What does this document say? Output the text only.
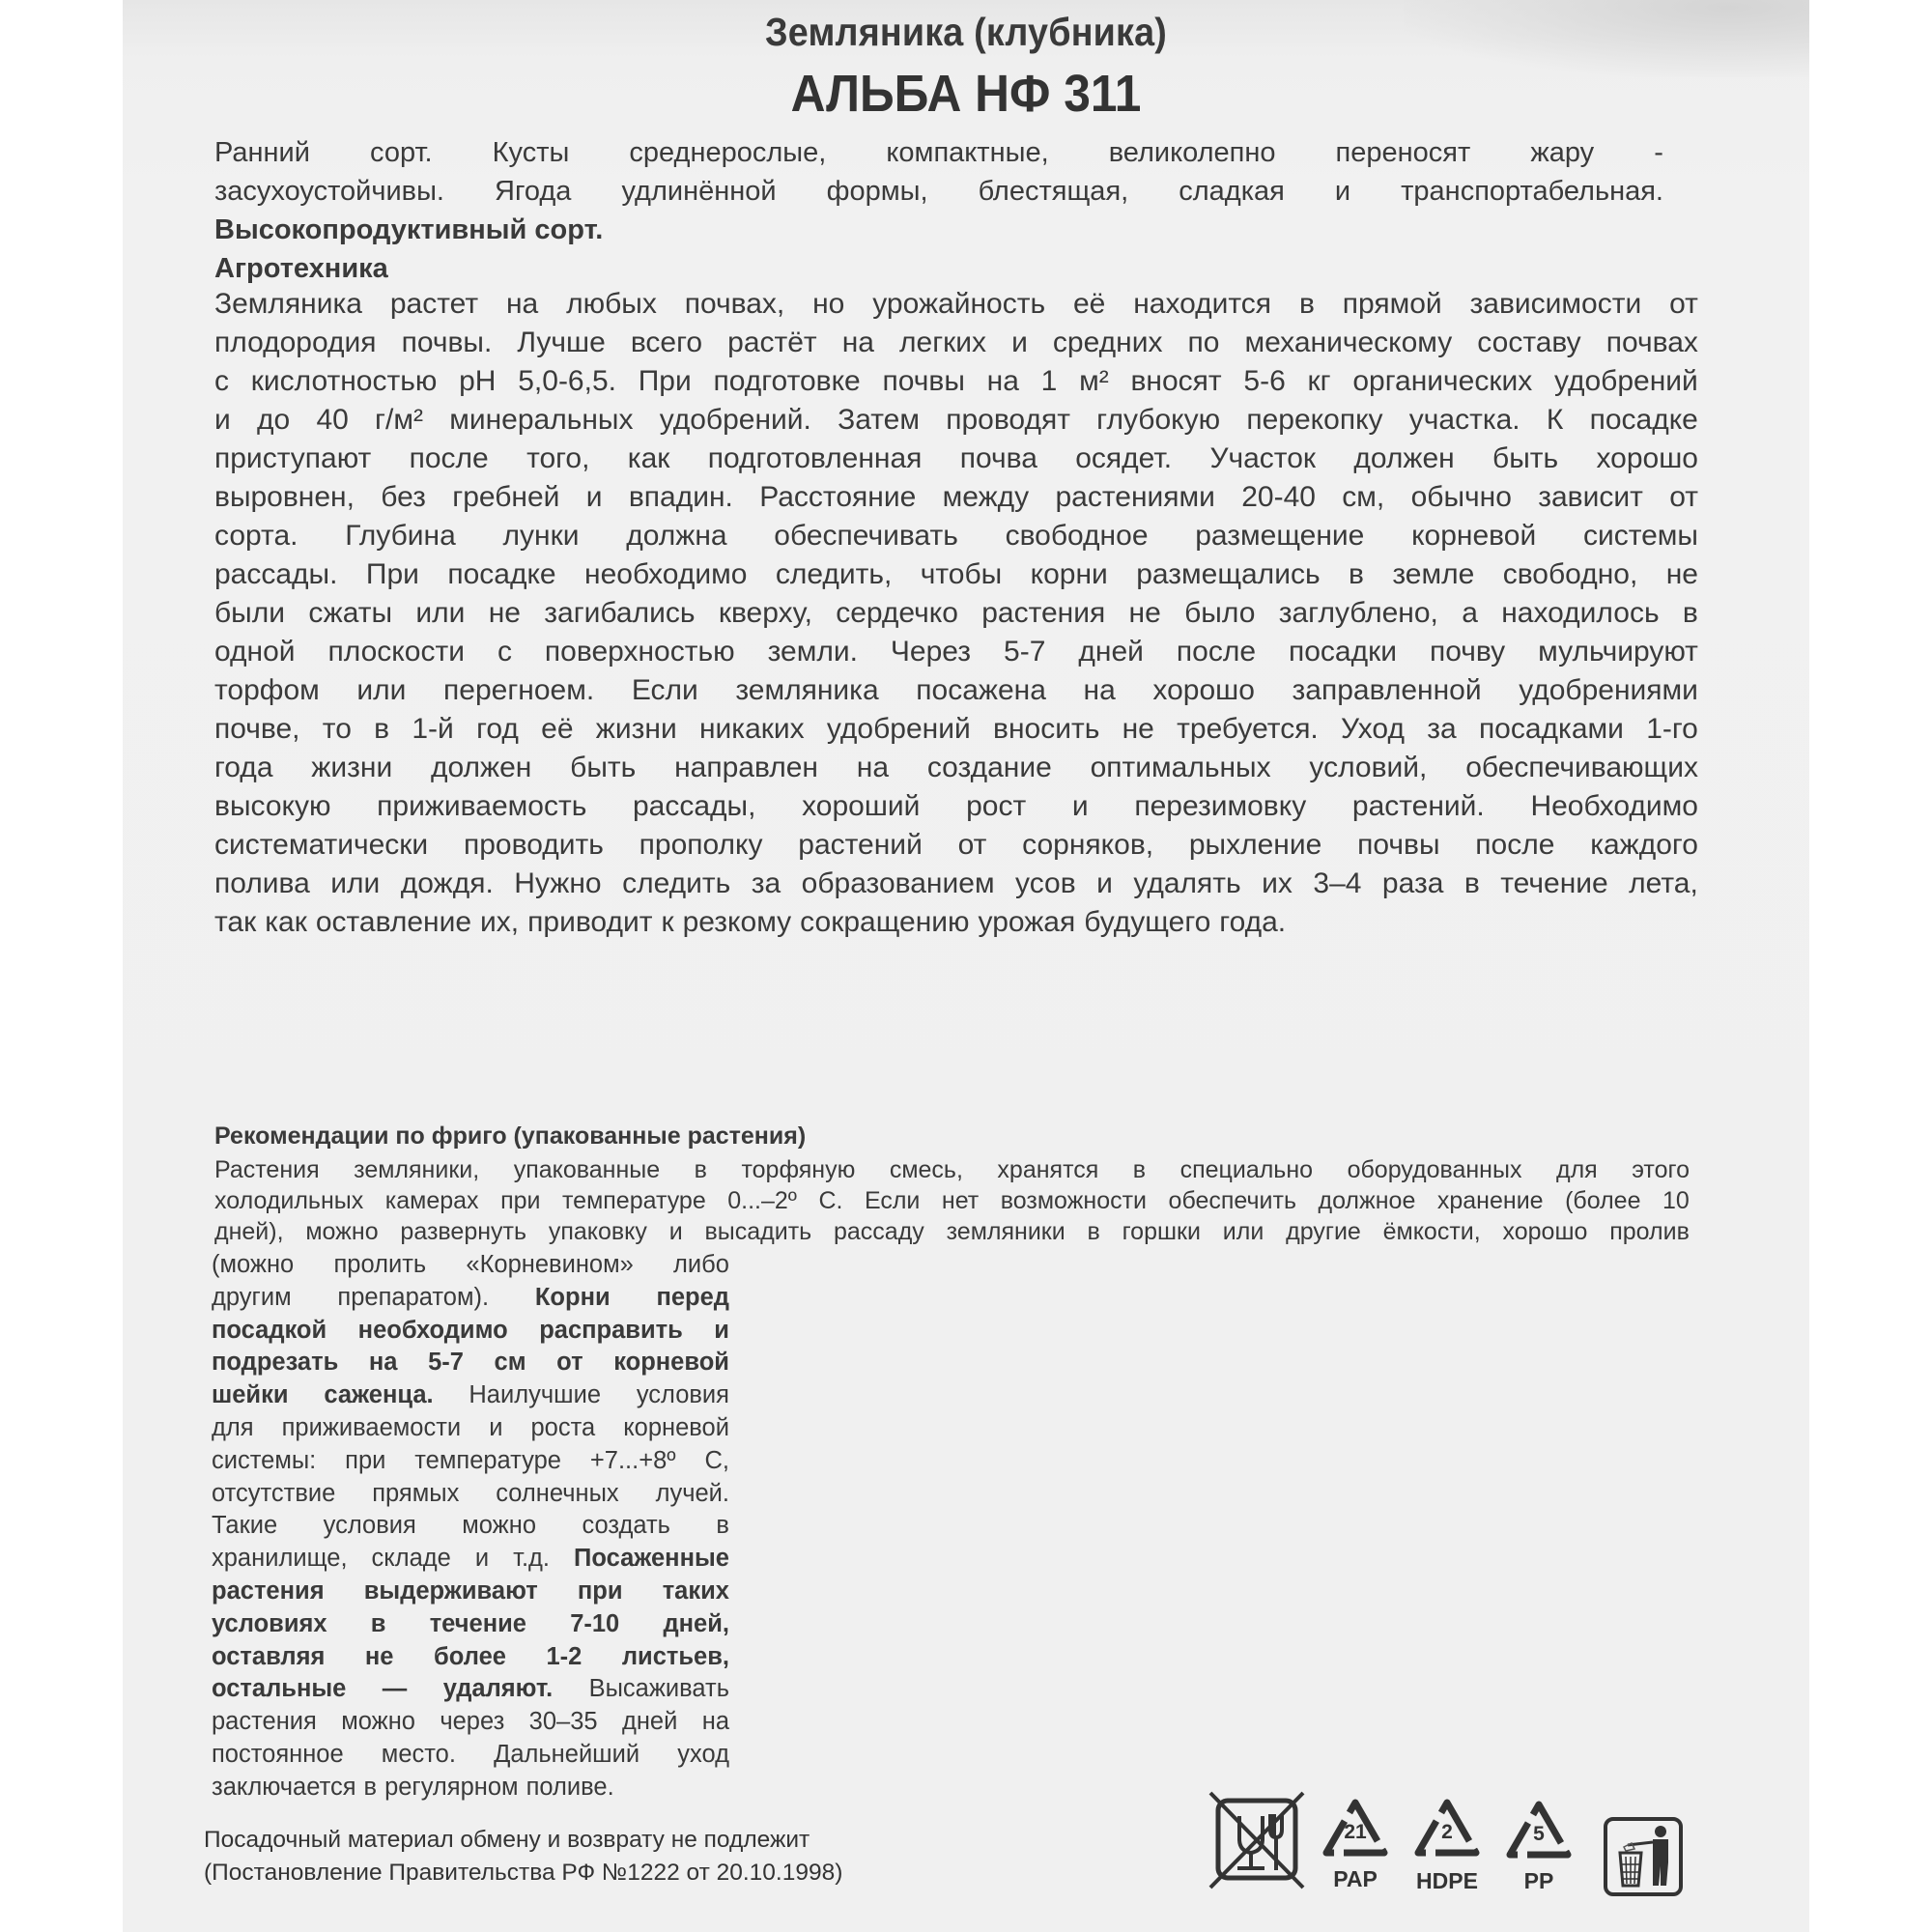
Земляника (клубника)
АЛЬБА НФ 311
Ранний сорт. Кусты среднерослые, компактные, великолепно переносят жару -
засухоустойчивы. Ягода удлинённой формы, блестящая, сладкая и транспортабельная.
Высокопродуктивный сорт.
Агротехника
Земляника растет на любых почвах, но урожайность её находится в прямой зависимости от
плодородия почвы. Лучше всего растёт на легких и средних по механическому составу почвах
с кислотностью pH 5,0-6,5. При подготовке почвы на 1 м² вносят 5-6 кг органических удобрений
и до 40 г/м² минеральных удобрений. Затем проводят глубокую перекопку участка. К посадке
приступают после того, как подготовленная почва осядет. Участок должен быть хорошо
выровнен, без гребней и впадин. Расстояние между растениями 20-40 см, обычно зависит от
сорта. Глубина лунки должна обеспечивать свободное размещение корневой системы
рассады. При посадке необходимо следить, чтобы корни размещались в земле свободно, не
были сжаты или не загибались кверху, сердечко растения не было заглублено, а находилось в
одной плоскости с поверхностью земли. Через 5-7 дней после посадки почву мульчируют
торфом или перегноем. Если земляника посажена на хорошо заправленной удобрениями
почве, то в 1-й год её жизни никаких удобрений вносить не требуется. Уход за посадками 1-го
года жизни должен быть направлен на создание оптимальных условий, обеспечивающих
высокую приживаемость рассады, хороший рост и перезимовку растений. Необходимо
систематически проводить прополку растений от сорняков, рыхление почвы после каждого
полива или дождя. Нужно следить за образованием усов и удалять их 3–4 раза в течение лета,
так как оставление их, приводит к резкому сокращению урожая будущего года.
Рекомендации по фриго (упакованные растения)
Растения земляники, упакованные в торфяную смесь, хранятся в специально оборудованных для этого
холодильных камерах при температуре 0...–2º С. Если нет возможности обеспечить должное хранение (более 10
дней), можно развернуть упаковку и высадить рассаду земляники в горшки или другие ёмкости, хорошо пролив
(можно пролить «Корневином» либо
другим препаратом). Корни перед
посадкой необходимо расправить и
подрезать на 5-7 см от корневой
шейки саженца. Наилучшие условия
для приживаемости и роста корневой
системы: при температуре +7...+8º С,
отсутствие прямых солнечных лучей.
Такие условия можно создать в
хранилище, складе и т.д. Посаженные
растения выдерживают при таких
условиях в течение 7-10 дней,
оставляя не более 1-2 листьев,
остальные — удаляют. Высаживать
растения можно через 30–35 дней на
постоянное место. Дальнейший уход
заключается в регулярном поливе.
Посадочный материал обмену и возврату не подлежит
(Постановление Правительства РФ №1222 от 20.10.1998)
21
PAP
2
HDPE
5
PP
